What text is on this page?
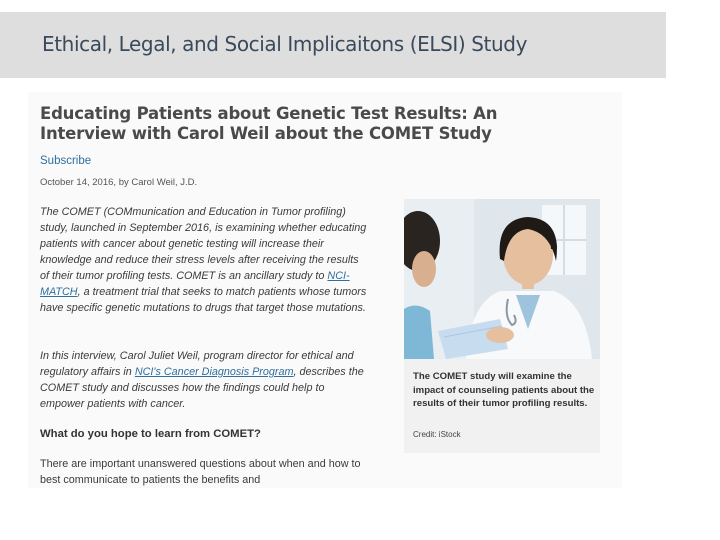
Ethical, Legal, and Social Implicaitons (ELSI) Study
Educating Patients about Genetic Test Results: An Interview with Carol Weil about the COMET Study
Subscribe
October 14, 2016, by Carol Weil, J.D.

The COMET (COMmunication and Education in Tumor profiling) study, launched in September 2016, is examining whether educating patients with cancer about genetic testing will increase their knowledge and reduce their stress levels after receiving the results of their tumor profiling tests. COMET is an ancillary study to NCI-MATCH, a treatment trial that seeks to match patients whose tumors have specific genetic mutations to drugs that target those mutations.

In this interview, Carol Juliet Weil, program director for ethical and regulatory affairs in NCI's Cancer Diagnosis Program, describes the COMET study and discusses how the findings could help to empower patients with cancer.

What do you hope to learn from COMET?

There are important unanswered questions about when and how to best communicate to patients the benefits and

The COMET study will examine the impact of counseling patients about the results of their tumor profiling results.

Credit: iStock
